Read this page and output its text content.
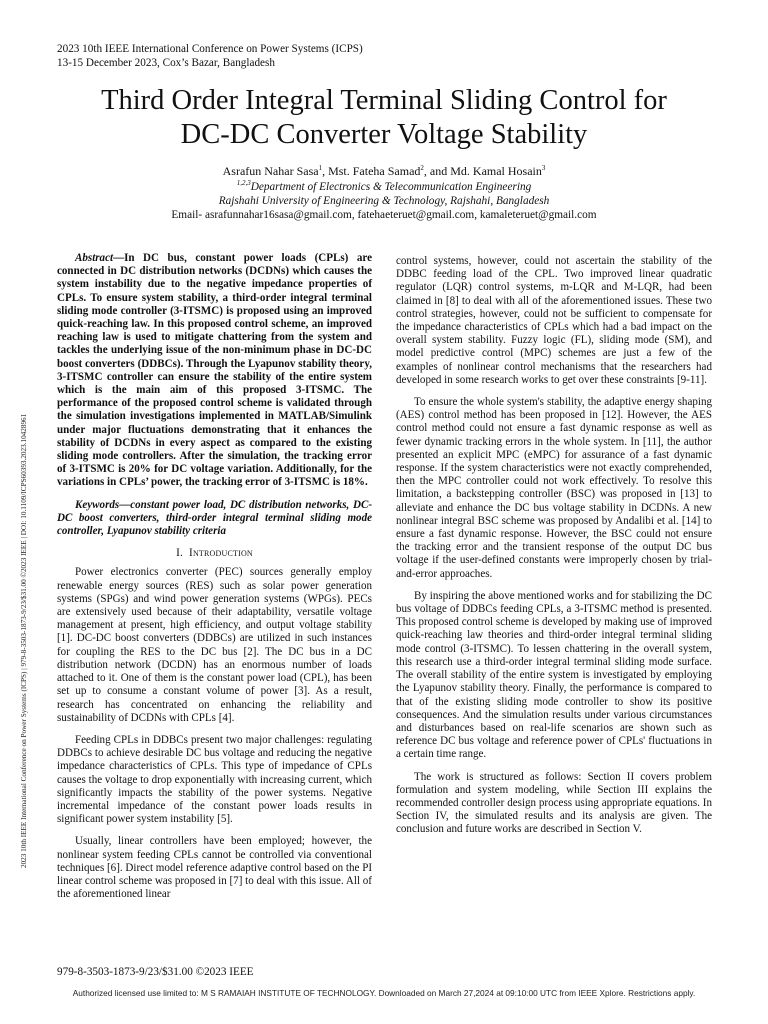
2023 10th IEEE International Conference on Power Systems (ICPS)
13-15 December 2023, Cox’s Bazar, Bangladesh
2023 10th IEEE International Conference on Power Systems (ICPS) | 979-8-3503-1873-9/23/$31.00 ©2023 IEEE | DOI: 10.1109/ICPS60393.2023.10428961
Third Order Integral Terminal Sliding Control for
DC-DC Converter Voltage Stability
Asrafun Nahar Sasa$^1$, Mst. Fateha Samad$^2$, and Md. Kamal Hosain$^3$
$^{1,2,3}$Department of Electronics & Telecommunication Engineering
Rajshahi University of Engineering & Technology, Rajshahi, Bangladesh
Email- asrafunnahar16sasa@gmail.com, fatehaeteruet@gmail.com, kamaleteruet@gmail.com

Abstract—In DC bus, constant power loads (CPLs) are connected in DC distribution networks (DCDNs) which causes the system instability due to the negative impedance properties of CPLs. To ensure system stability, a third-order integral terminal sliding mode controller (3-ITSMC) is proposed using an improved quick-reaching law. In this proposed control scheme, an improved reaching law is used to mitigate chattering from the system and tackles the underlying issue of the non-minimum phase in DC-DC boost converters (DDBCs). Through the Lyapunov stability theory, 3-ITSMC controller can ensure the stability of the entire system which is the main aim of this proposed 3-ITSMC. The performance of the proposed control scheme is validated through the simulation investigations implemented in MATLAB/Simulink under major fluctuations demonstrating that it enhances the stability of DCDNs in every aspect as compared to the existing sliding mode controllers. After the simulation, the tracking error of 3-ITSMC is 20% for DC voltage variation. Additionally, for the variations in CPLs’ power, the tracking error of 3-ITSMC is 18%.

Keywords—constant power load, DC distribution networks, DC-DC boost converters, third-order integral terminal sliding mode controller, Lyapunov stability criteria

I. Introduction

Power electronics converter (PEC) sources generally employ renewable energy sources (RES) such as solar power generation systems (SPGs) and wind power generation systems (WPGs). PECs are extensively used because of their adaptability, versatile voltage management at present, high efficiency, and output voltage stability [1]. DC-DC boost converters (DDBCs) are utilized in such instances for coupling the RES to the DC bus [2]. The DC bus in a DC distribution network (DCDN) has an enormous number of loads attached to it. One of them is the constant power load (CPL), has been set up to consume a constant volume of power [3]. As a result, research has concentrated on enhancing the reliability and sustainability of DCDNs with CPLs [4].

Feeding CPLs in DDBCs present two major challenges: regulating DDBCs to achieve desirable DC bus voltage and reducing the negative impedance characteristics of CPLs. This type of impedance of CPLs causes the voltage to drop exponentially with increasing current, which significantly impacts the stability of the power systems. Negative incremental impedance of the constant power loads results in significant power system instability [5].

Usually, linear controllers have been employed; however, the nonlinear system feeding CPLs cannot be controlled via conventional techniques [6]. Direct model reference adaptive control based on the PI linear control scheme was proposed in [7] to deal with this issue. All of the aforementioned linear

control systems, however, could not ascertain the stability of the DDBC feeding load of the CPL. Two improved linear quadratic regulator (LQR) control systems, m-LQR and M-LQR, had been claimed in [8] to deal with all of the aforementioned issues. These two control strategies, however, could not be sufficient to compensate for the impedance characteristics of CPLs which had a bad impact on the overall system stability. Fuzzy logic (FL), sliding mode (SM), and model predictive control (MPC) schemes are just a few of the examples of nonlinear control mechanisms that the researchers had developed in some research works to get over these constraints [9-11].

To ensure the whole system's stability, the adaptive energy shaping (AES) control method has been proposed in [12]. However, the AES control method could not ensure a fast dynamic response as well as fewer dynamic tracking errors in the whole system. In [11], the author presented an explicit MPC (eMPC) for assurance of a fast dynamic response. If the system characteristics were not exactly comprehended, then the MPC controller could not work effectively. To resolve this limitation, a backstepping controller (BSC) was proposed in [13] to alleviate and enhance the DC bus voltage stability in DCDNs. A new nonlinear integral BSC scheme was proposed by Andalibi et al. [14] to ensure a fast dynamic response. However, the BSC could not ensure the tracking error and the transient response of the output DC bus voltage if the user-defined constants were improperly chosen by trial-and-error approaches.

By inspiring the above mentioned works and for stabilizing the DC bus voltage of DDBCs feeding CPLs, a 3-ITSMC method is presented. This proposed control scheme is developed by making use of improved quick-reaching law theories and third-order integral terminal sliding mode control (3-ITSMC). To lessen chattering in the overall system, this research use a third-order integral terminal sliding mode surface. The overall stability of the entire system is investigated by employing the Lyapunov stability theory. Finally, the performance is compared to that of the existing sliding mode controller to show its positive consequences. And the simulation results under various circumstances and disturbances based on real-life scenarios are shown such as reference DC bus voltage and reference power of CPLs' fluctuations in a certain time range.

The work is structured as follows: Section II covers problem formulation and system modeling, while Section III explains the recommended controller design process using appropriate equations. In Section IV, the simulated results and its analysis are given. The conclusion and future works are described in Section V.

979-8-3503-1873-9/23/$31.00 ©2023 IEEE
Authorized licensed use limited to: M S RAMAIAH INSTITUTE OF TECHNOLOGY. Downloaded on March 27,2024 at 09:10:00 UTC from IEEE Xplore. Restrictions apply.
